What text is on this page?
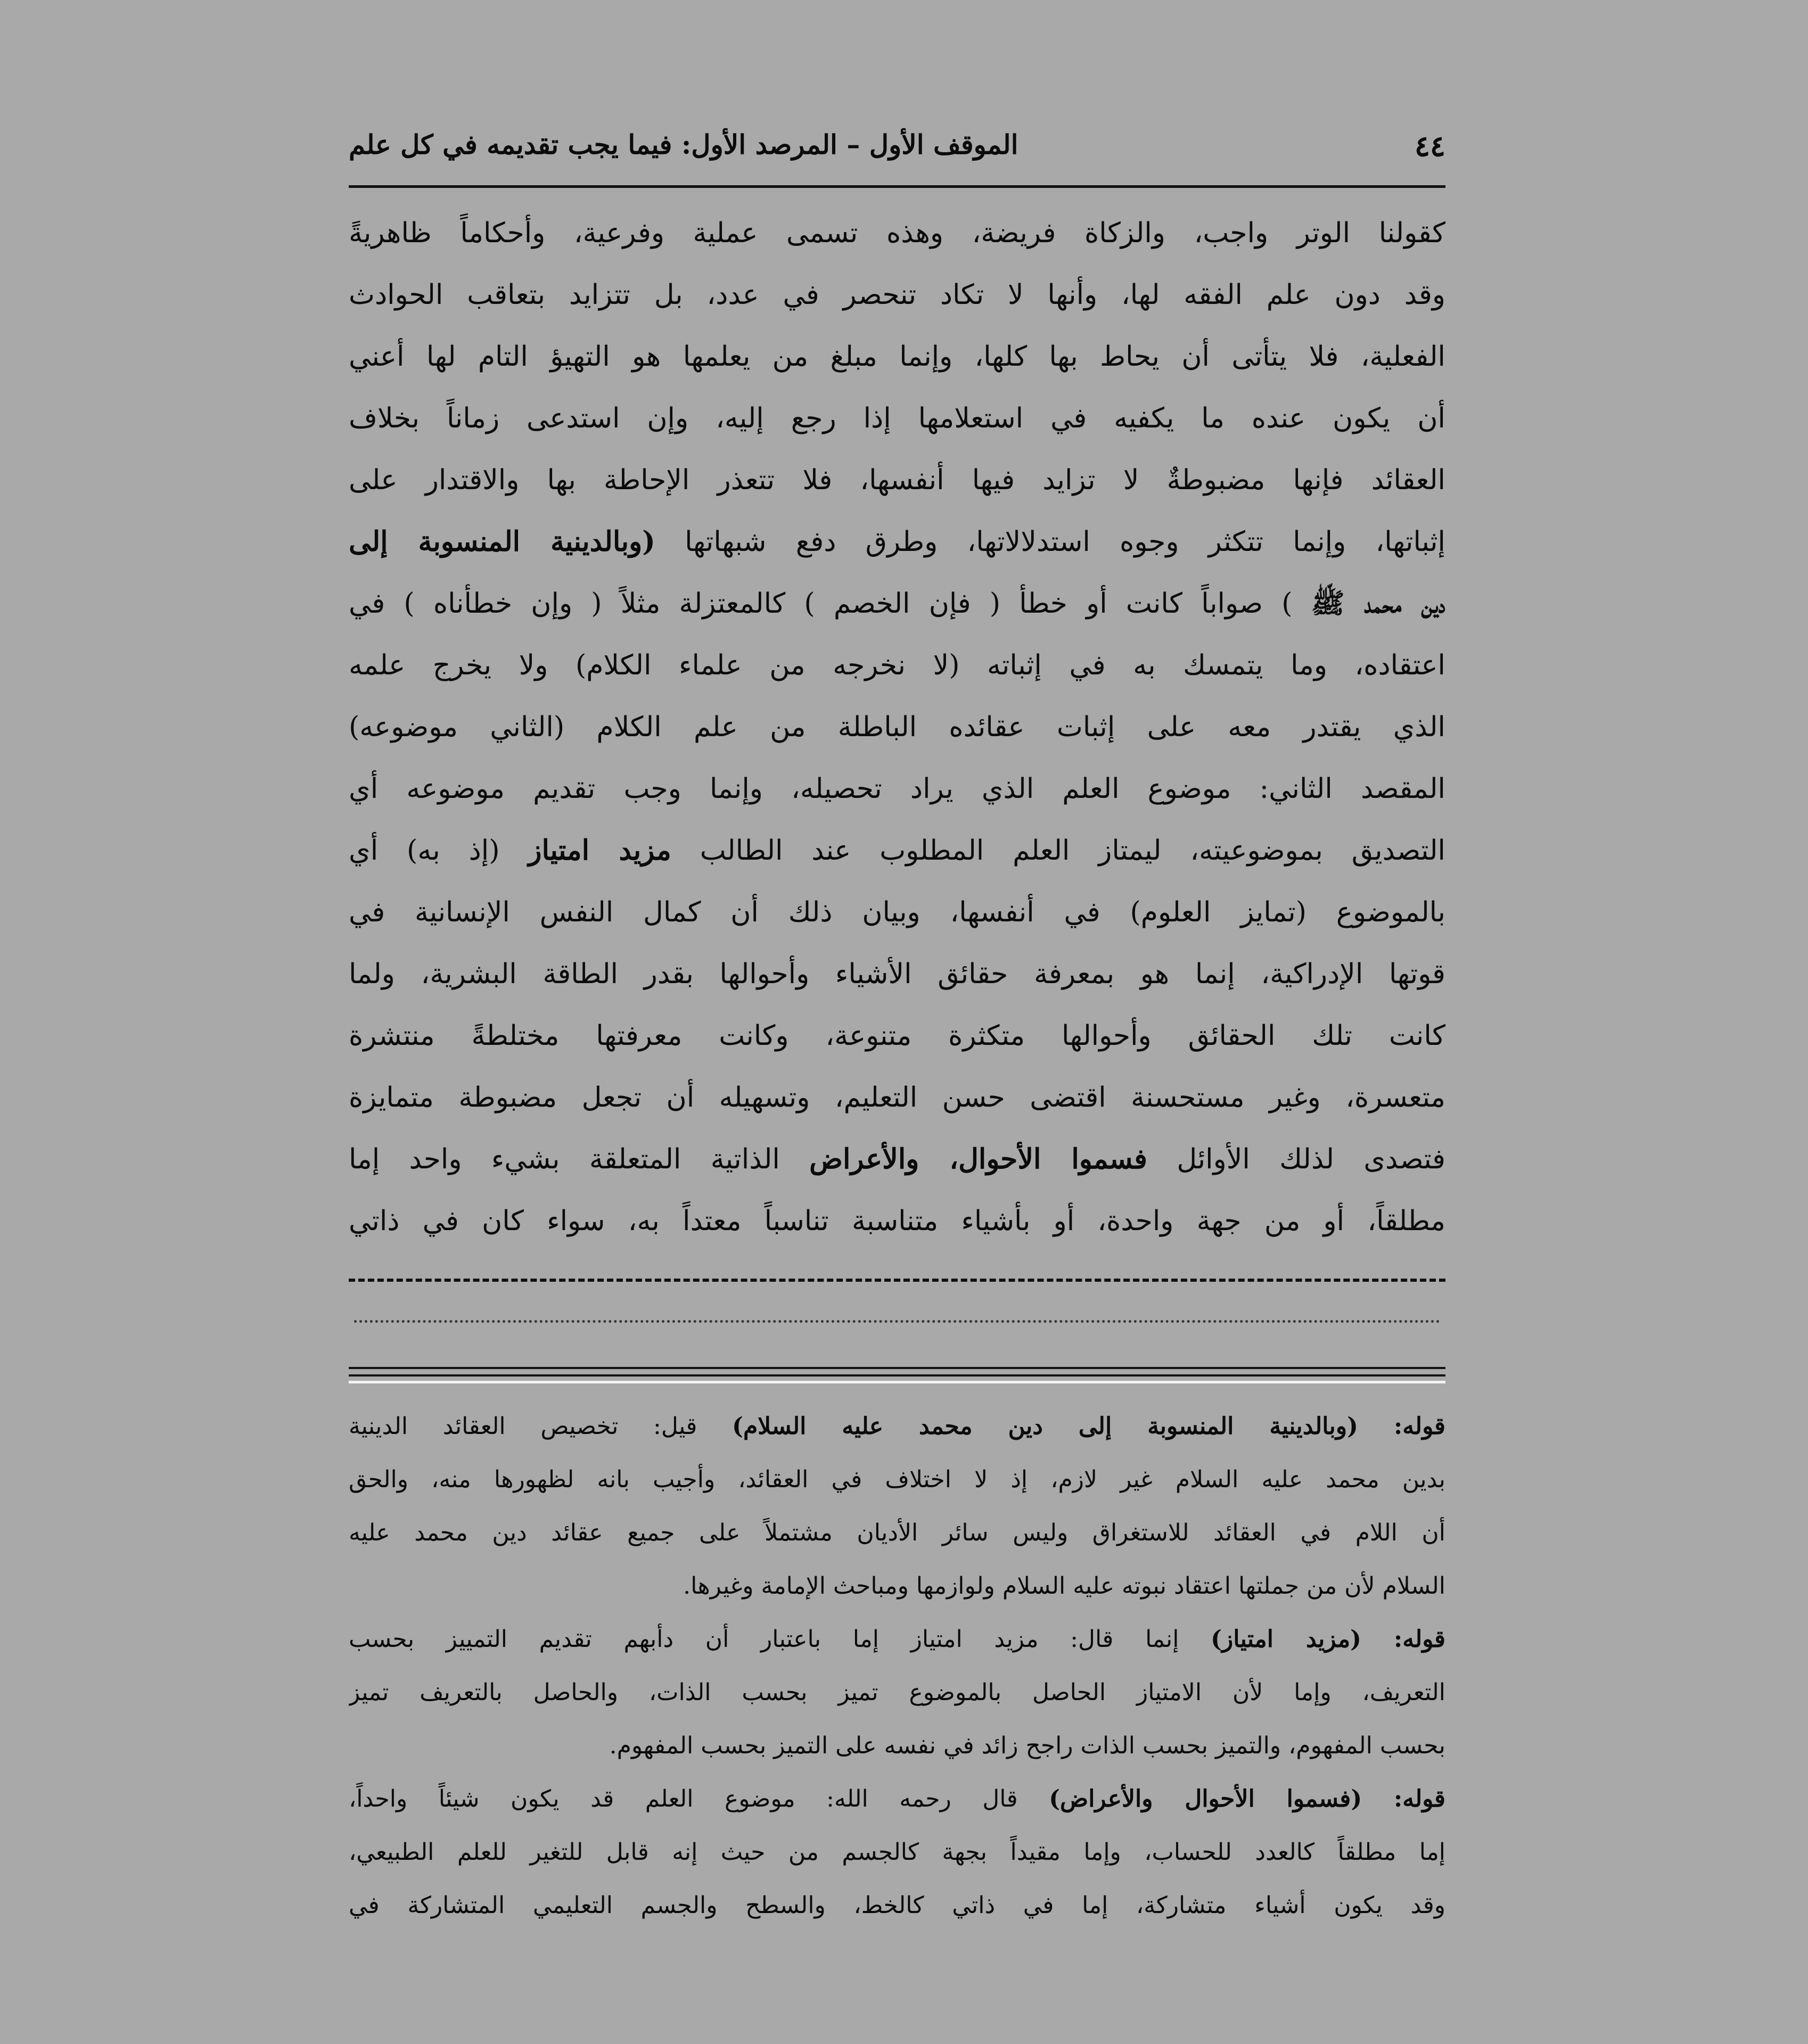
٤٤
الموقف الأول – المرصد الأول: فيما يجب تقديمه في كل علم
كقولنا الوتر واجب، والزكاة فريضة، وهذه تسمى عملية وفرعية، وأحكاماً ظاهريةً
وقد دون علم الفقه لها، وأنها لا تكاد تنحصر في عدد، بل تتزايد بتعاقب الحوادث
الفعلية، فلا يتأتى أن يحاط بها كلها، وإنما مبلغ من يعلمها هو التهيؤ التام لها أعني
أن يكون عنده ما يكفيه في استعلامها إذا رجع إليه، وإن استدعى زماناً بخلاف
العقائد فإنها مضبوطةٌ لا تزايد فيها أنفسها، فلا تتعذر الإحاطة بها والاقتدار على
إثباتها، وإنما تتكثر وجوه استدلالاتها، وطرق دفع شبهاتها (وبالدينية المنسوبة إلى
دين محمد ﷺ ) صواباً كانت أو خطأ ( فإن الخصم ) كالمعتزلة مثلاً ( وإن خطأناه ) في
اعتقاده، وما يتمسك به في إثباته (لا نخرجه من علماء الكلام) ولا يخرج علمه
الذي يقتدر معه على إثبات عقائده الباطلة من علم الكلام (الثاني موضوعه)
المقصد الثاني: موضوع العلم الذي يراد تحصيله، وإنما وجب تقديم موضوعه أي
التصديق بموضوعيته، ليمتاز العلم المطلوب عند الطالب مزيد امتياز (إذ به) أي
بالموضوع (تمايز العلوم) في أنفسها، وبيان ذلك أن كمال النفس الإنسانية في
قوتها الإدراكية، إنما هو بمعرفة حقائق الأشياء وأحوالها بقدر الطاقة البشرية، ولما
كانت تلك الحقائق وأحوالها متكثرة متنوعة، وكانت معرفتها مختلطةً منتشرة
متعسرة، وغير مستحسنة اقتضى حسن التعليم، وتسهيله أن تجعل مضبوطة متمايزة
فتصدى لذلك الأوائل فسموا الأحوال، والأعراض الذاتية المتعلقة بشيء واحد إما
مطلقاً، أو من جهة واحدة، أو بأشياء متناسبة تناسباً معتداً به، سواء كان في ذاتي
قوله: (وبالدينية المنسوبة إلى دين محمد عليه السلام) قيل: تخصيص العقائد الدينية
بدين محمد عليه السلام غير لازم، إذ لا اختلاف في العقائد، وأجيب بانه لظهورها منه، والحق
أن اللام في العقائد للاستغراق وليس سائر الأديان مشتملاً على جميع عقائد دين محمد عليه
السلام لأن من جملتها اعتقاد نبوته عليه السلام ولوازمها ومباحث الإمامة وغيرها.
قوله: (مزيد امتياز) إنما قال: مزيد امتياز إما باعتبار أن دأبهم تقديم التمييز بحسب
التعريف، وإما لأن الامتياز الحاصل بالموضوع تميز بحسب الذات، والحاصل بالتعريف تميز
بحسب المفهوم، والتميز بحسب الذات راجح زائد في نفسه على التميز بحسب المفهوم.
قوله: (فسموا الأحوال والأعراض) قال رحمه الله: موضوع العلم قد يكون شيئاً واحداً،
إما مطلقاً كالعدد للحساب، وإما مقيداً بجهة كالجسم من حيث إنه قابل للتغير للعلم الطبيعي،
وقد يكون أشياء متشاركة، إما في ذاتي كالخط، والسطح والجسم التعليمي المتشاركة في
